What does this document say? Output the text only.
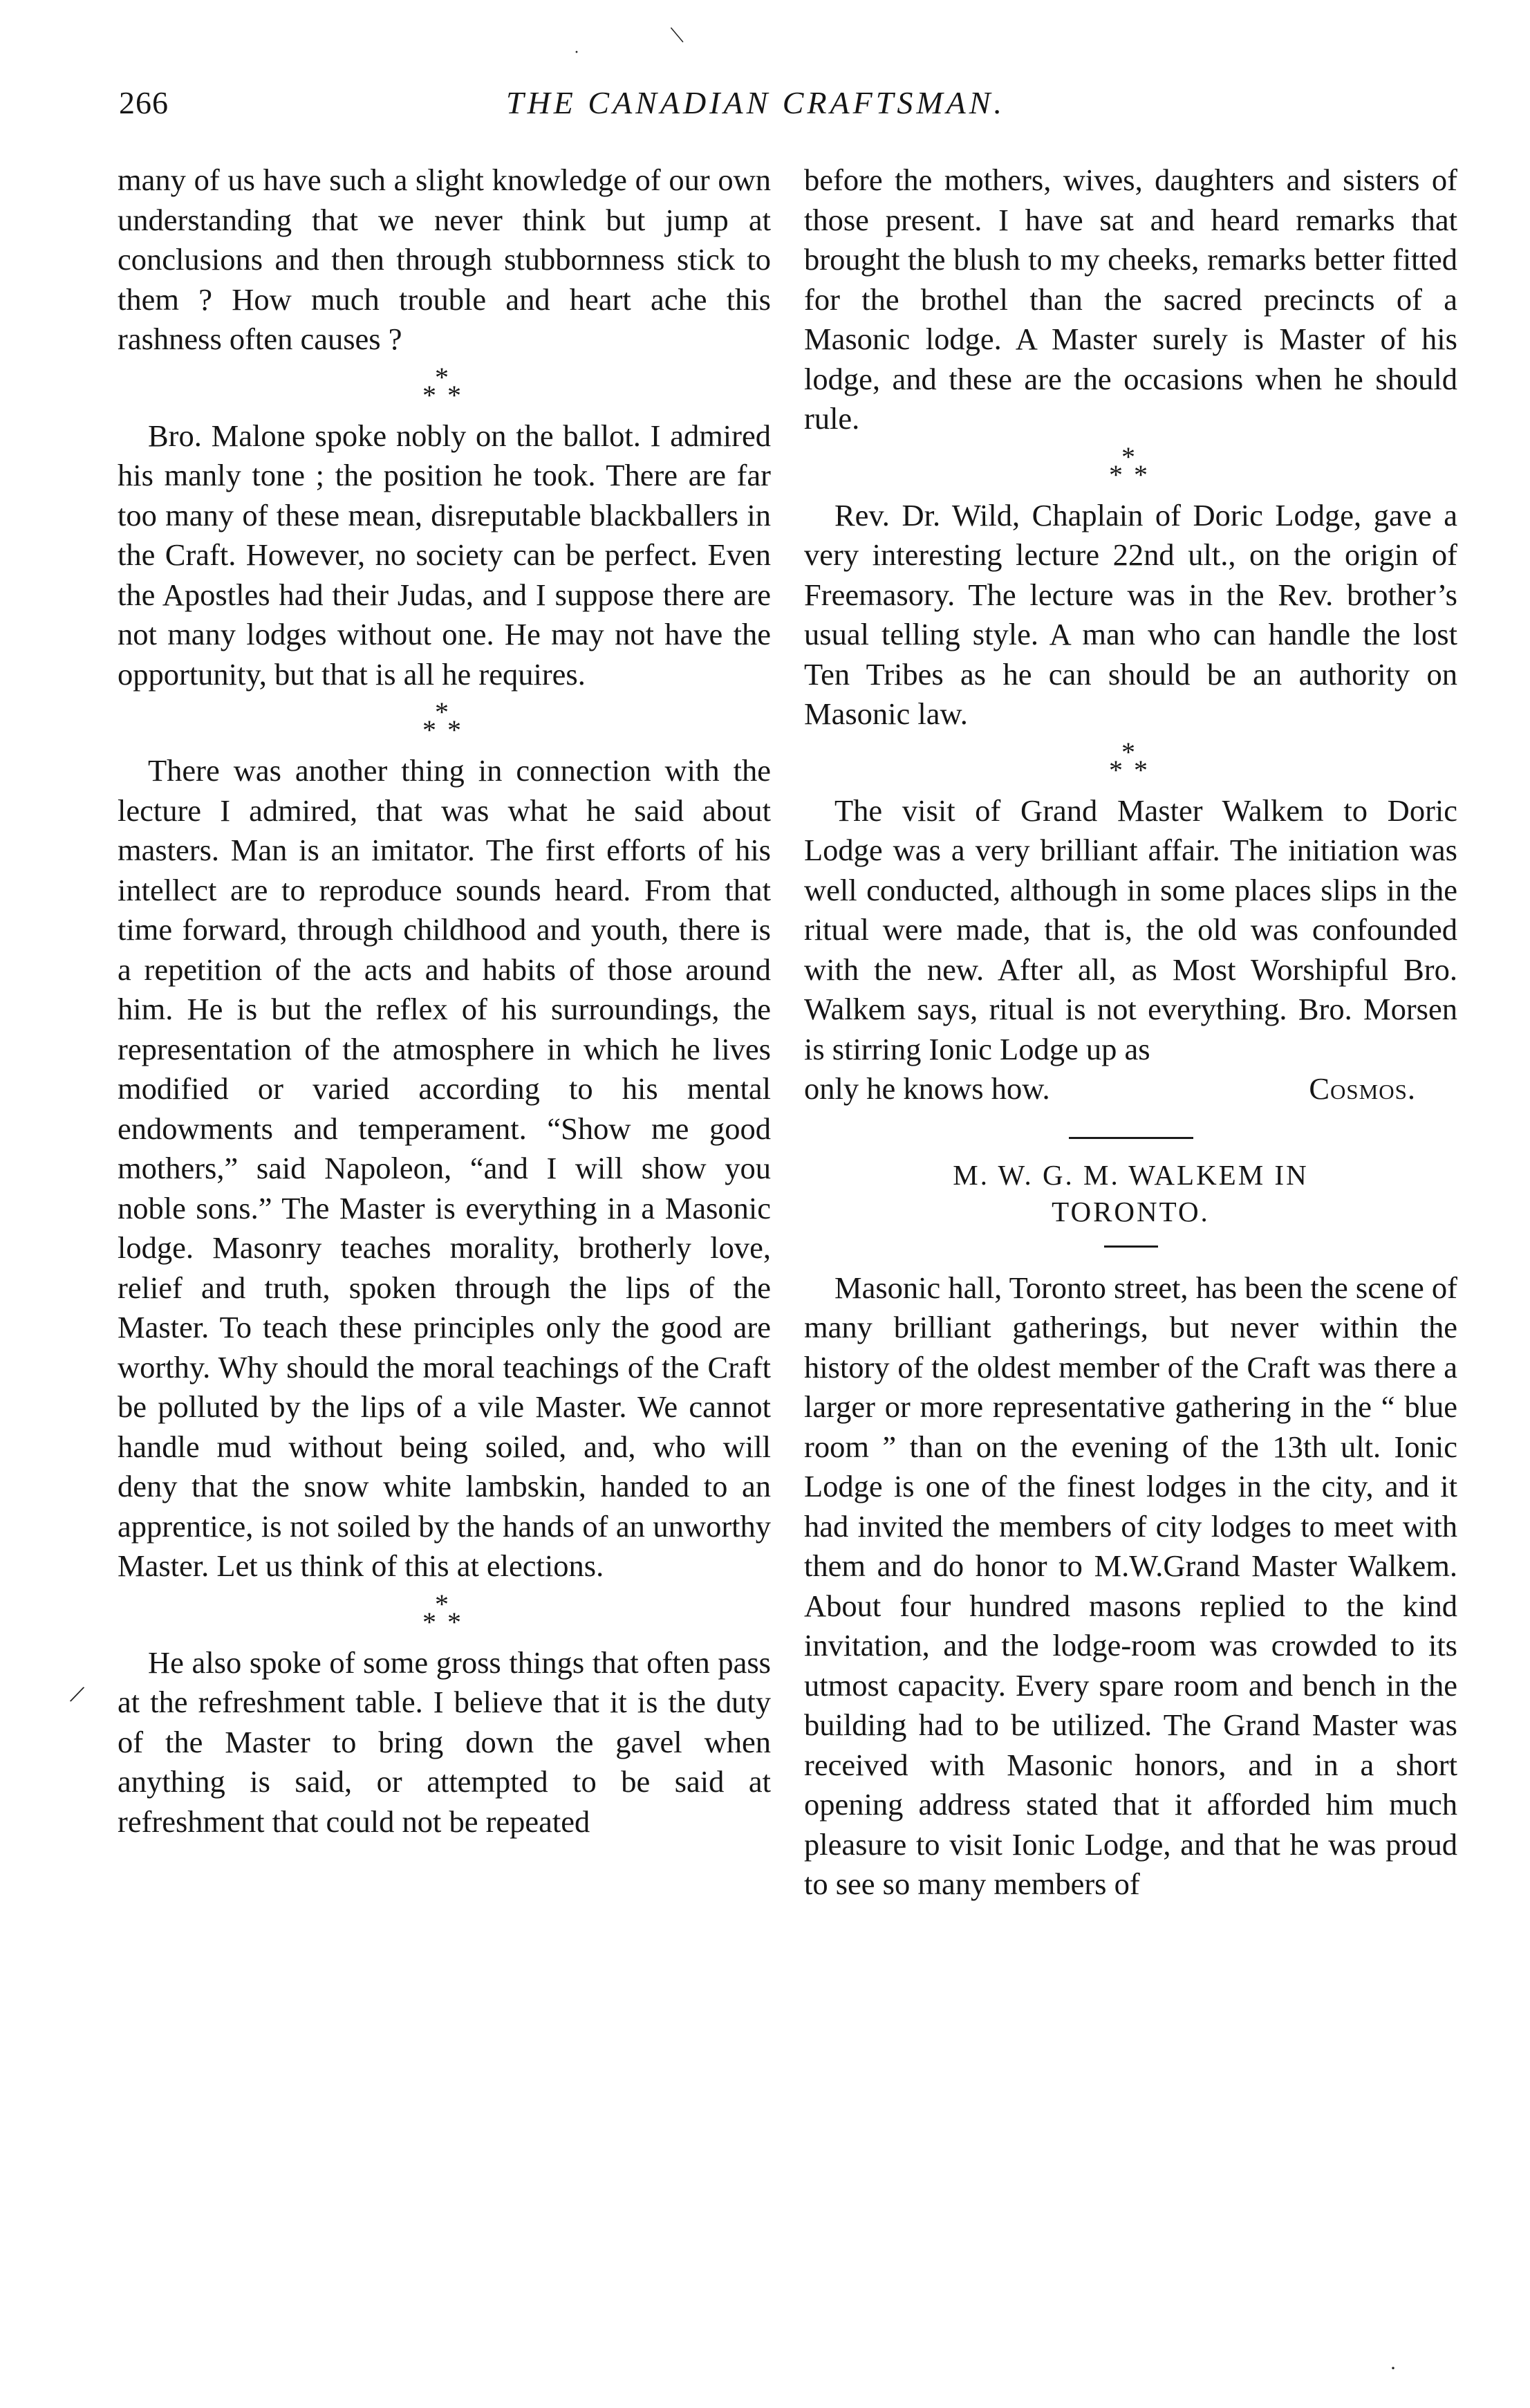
|
·
266	THE CANADIAN CRAFTSMAN.

many of us have such a slight knowledge of our own understanding that we never think but jump at conclusions and then through stubbornness stick to them ? How much trouble and heart ache this rashness often causes ?

*
* *

Bro. Malone spoke nobly on the ballot. I admired his manly tone ; the position he took. There are far too many of these mean, disreputable blackballers in the Craft. However, no society can be perfect. Even the Apostles had their Judas, and I suppose there are not many lodges without one. He may not have the opportunity, but that is all he requires.

*
* *

There was another thing in connection with the lecture I admired, that was what he said about masters. Man is an imitator. The first efforts of his intellect are to reproduce sounds heard. From that time forward, through childhood and youth, there is a repetition of the acts and habits of those around him. He is but the reflex of his surroundings, the representation of the atmosphere in which he lives modified or varied according to his mental endowments and temperament. “Show me good mothers,” said Napoleon, “and I will show you noble sons.” The Master is everything in a Masonic lodge. Masonry teaches morality, brotherly love, relief and truth, spoken through the lips of the Master. To teach these principles only the good are worthy. Why should the moral teachings of the Craft be polluted by the lips of a vile Master. We cannot handle mud without being soiled, and, who will deny that the snow white lambskin, handed to an apprentice, is not soiled by the hands of an unworthy Master. Let us think of this at elections.

*
* *

He also spoke of some gross things that often pass at the refreshment table. I believe that it is the duty of the Master to bring down the gavel when anything is said, or attempted to be said at refreshment that could not be repeated

/

before the mothers, wives, daughters and sisters of those present. I have sat and heard remarks that brought the blush to my cheeks, remarks better fitted for the brothel than the sacred precincts of a Masonic lodge. A Master surely is Master of his lodge, and these are the occasions when he should rule.

*
* *

Rev. Dr. Wild, Chaplain of Doric Lodge, gave a very interesting lecture 22nd ult., on the origin of Freemasory. The lecture was in the Rev. brother’s usual telling style. A man who can handle the lost Ten Tribes as he can should be an authority on Masonic law.

*
* *

The visit of Grand Master Walkem to Doric Lodge was a very brilliant affair. The initiation was well conducted, although in some places slips in the ritual were made, that is, the old was confounded with the new. After all, as Most Worshipful Bro. Walkem says, ritual is not everything. Bro. Morsen is stirring Ionic Lodge up as

only he knows how.	Cosmos.
M. W. G. M. WALKEM IN TORONTO.

Masonic hall, Toronto street, has been the scene of many brilliant gatherings, but never within the history of the oldest member of the Craft was there a larger or more representative gathering in the “ blue room ” than on the evening of the 13th ult. Ionic Lodge is one of the finest lodges in the city, and it had invited the members of city lodges to meet with them and do honor to M.W.Grand Master Walkem. About four hundred masons replied to the kind invitation, and the lodge-room was crowded to its utmost capacity. Every spare room and bench in the building had to be utilized. The Grand Master was received with Masonic honors, and in a short opening address stated that it afforded him much pleasure to visit Ionic Lodge, and that he was proud to see so many members of

·
